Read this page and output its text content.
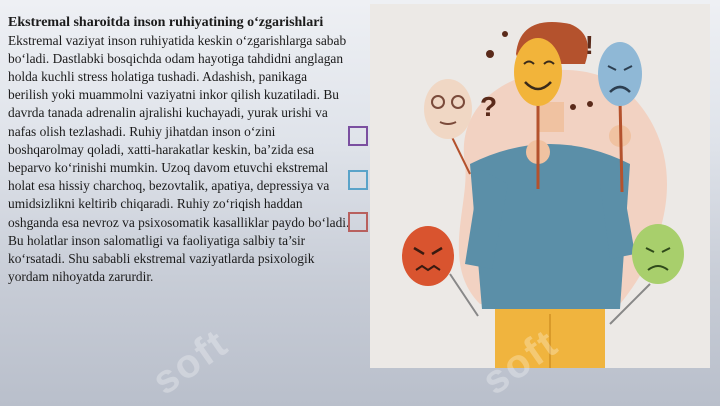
Ekstremal sharoitda inson ruhiyatining o‘zgarishlari

Ekstremal vaziyat inson ruhiyatida keskin o‘zgarishlarga sabab bo‘ladi. Dastlabki bosqichda odam hayotiga tahdidni anglagan holda kuchli stress holatiga tushadi. Adashish, panikaga berilish yoki muammolni vaziyatni inkor qilish kuzatiladi. Bu davrda tanada adrenalin ajralishi kuchayadi, yurak urishi va nafas olish tezlashadi. Ruhiy jihatdan inson o‘zini boshqarolmay qoladi, xatti-harakatlar keskin, ba’zida esa beparvo ko‘rinishi mumkin. Uzoq davom etuvchi ekstremal holat esa hissiy charchoq, bezovtalik, apatiya, depressiya va umidsizlikni keltirib chiqaradi. Ruhiy zo‘riqish haddan oshganda esa nevroz va psixosomatik kasalliklar paydo bo‘ladi. Bu holatlar inson salomatligi va faoliyatiga salbiy ta’sir ko‘rsatadi. Shu sababli ekstremal vaziyatlarda psixologik yordam nihoyatda zarurdir.

?
!
soft	soft
